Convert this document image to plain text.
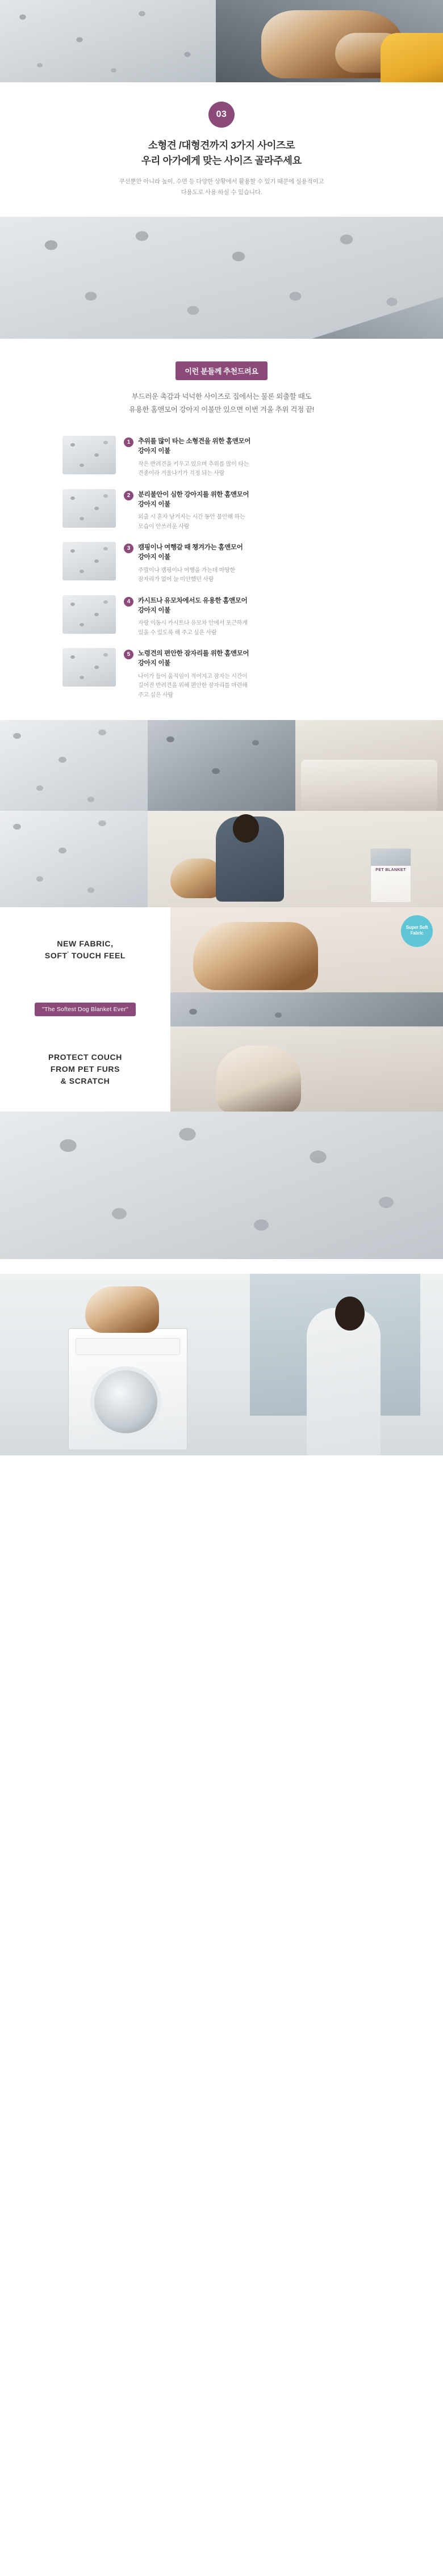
03
소형견 /대형견까지 3가지 사이즈로
우리 아가에게 맞는 사이즈 골라주세요
쿠션뿐만 아니라 높이, 수면 등 다양한 상황에서 활용할 수 있기 때문에 실용적이고
다용도로 사용 하실 수 있습니다.
이런 분들께 추천드려요
부드러운 촉감과 넉넉한 사이즈로 집에서는 물론 외출할 때도
유용한 홈앤모어 강아지 이불만 있으면 이번 겨울 추위 걱정 끝!
1	추위를 많이 타는 소형견을 위한 홈앤모어
강아지 이불
작은 반려견을 키우고 있으며 추위를 많이 타는
견종이라 겨울나기가 걱정 되는 사람
2	분리불안이 심한 강아지를 위한 홈앤모어
강아지 이불
외출 시 혼자 남겨지는 시간 동안 불안해 하는
모습이 안쓰러운 사람
3	캠핑이나 여행갈 때 챙겨가는 홈앤모어
강아지 이불
주말이나 캠핑이나 여행을 가는데 마땅한
잠자리가 없어 늘 미안했던 사람
4	카시트나 유모차에서도 유용한 홈앤모어
강아지 이불
자랑 이동시 카시트나 유모차 안에서 포근하게
있을 수 있도록 해 주고 싶은 사람
5	노령견의 편안한 잠자리를 위한 홈앤모어
강아지 이불
나이가 들어 움직임이 적어지고 잠자는 시간이
길어진 반려견을 위해 편안한 잠자리를 마련해
주고 싶은 사람
PET BLANKET
NEW FABRIC,
SOFT' TOUCH FEEL
Super Soft
Fabric
"The Softest Dog Blanket Ever"
PROTECT COUCH
FROM PET FURS
& SCRATCH
